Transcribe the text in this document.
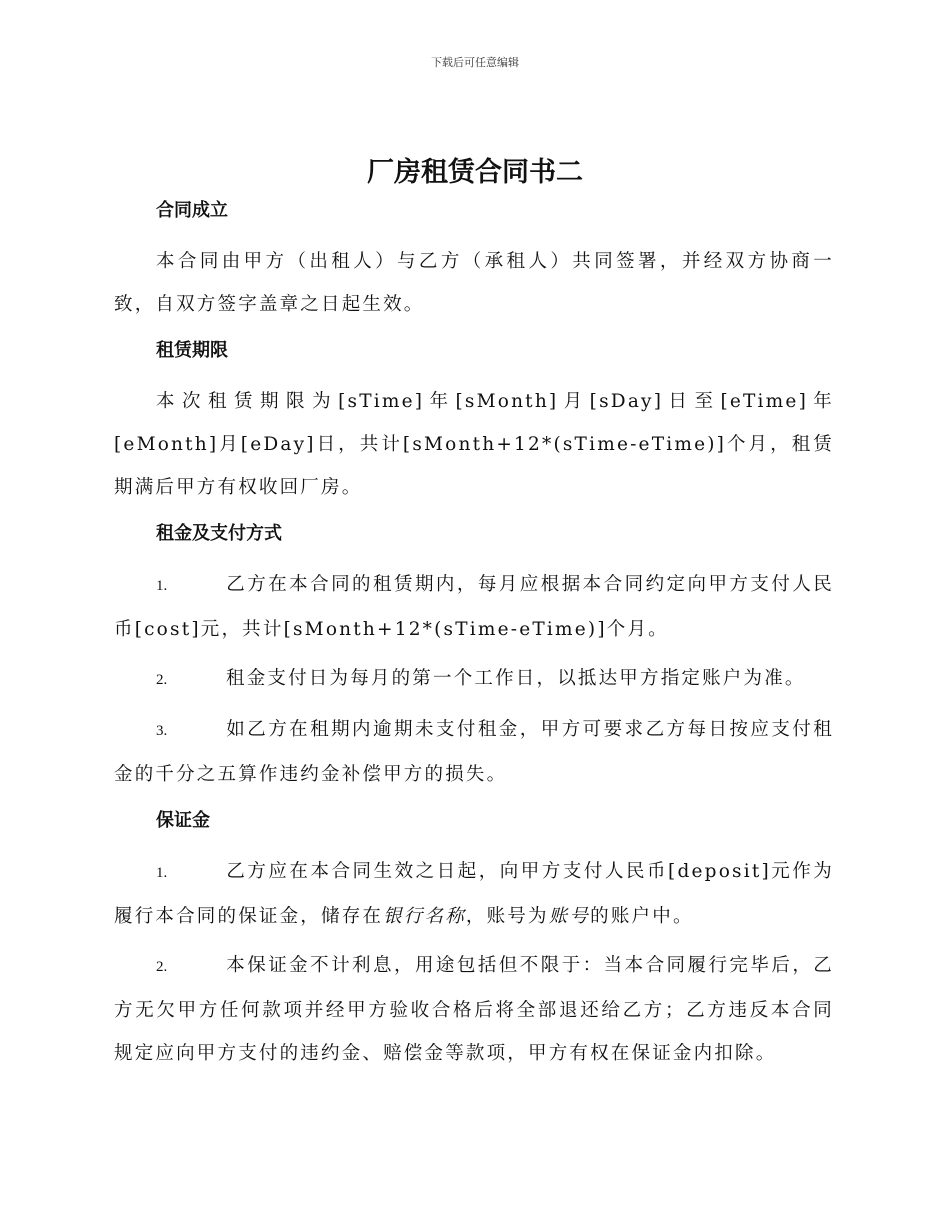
下载后可任意编辑
厂房租赁合同书二
合同成立

本合同由甲方（出租人）与乙方（承租人）共同签署，并经双方协商一致，自双方签字盖章之日起生效。

租赁期限

本次租赁期限为[sTime]年[sMonth]月[sDay]日至[eTime]年[eMonth]月[eDay]日，共计[sMonth+12*(sTime-eTime)]个月，租赁期满后甲方有权收回厂房。

租金及支付方式

1.	乙方在本合同的租赁期内，每月应根据本合同约定向甲方支付人民币[cost]元，共计[sMonth+12*(sTime-eTime)]个月。

2.	租金支付日为每月的第一个工作日，以抵达甲方指定账户为准。

3.	如乙方在租期内逾期未支付租金，甲方可要求乙方每日按应支付租金的千分之五算作违约金补偿甲方的损失。

保证金

1.	乙方应在本合同生效之日起，向甲方支付人民币[deposit]元作为履行本合同的保证金，储存在银行名称，账号为账号的账户中。

2.	本保证金不计利息，用途包括但不限于：当本合同履行完毕后，乙方无欠甲方任何款项并经甲方验收合格后将全部退还给乙方；乙方违反本合同规定应向甲方支付的违约金、赔偿金等款项，甲方有权在保证金内扣除。
